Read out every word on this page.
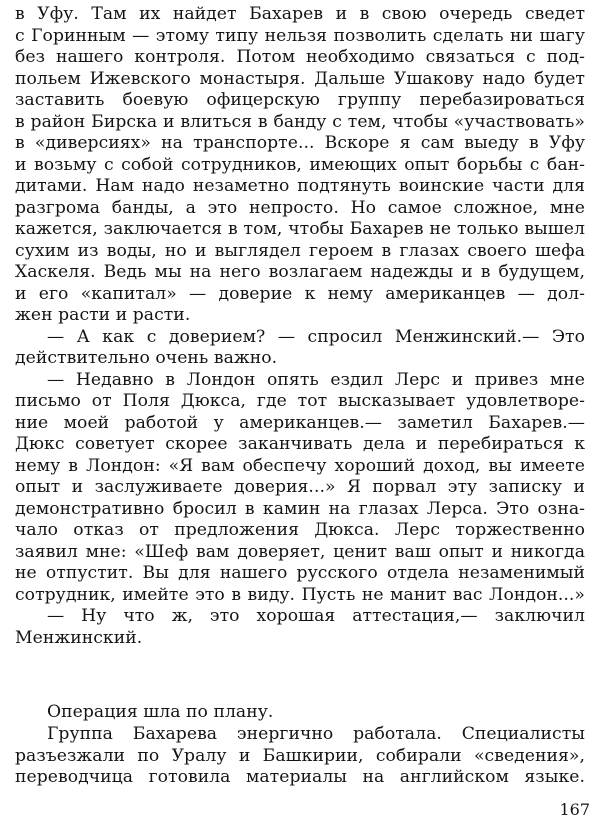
в Уфу. Там их найдет Бахарев и в свою очередь сведет
с Горинным — этому типу нельзя позволить сделать ни шагу
без нашего контроля. Потом необходимо связаться с под-
польем Ижевского монастыря. Дальше Ушакову надо будет
заставить боевую офицерскую группу перебазироваться
в район Бирска и влиться в банду с тем, чтобы «участвовать»
в «диверсиях» на транспорте... Вскоре я сам выеду в Уфу
и возьму с собой сотрудников, имеющих опыт борьбы с бан-
дитами. Нам надо незаметно подтянуть воинские части для
разгрома банды, а это непросто. Но самое сложное, мне
кажется, заключается в том, чтобы Бахарев не только вышел
сухим из воды, но и выглядел героем в глазах своего шефа
Хаскеля. Ведь мы на него возлагаем надежды и в будущем,
и его «капитал» — доверие к нему американцев — дол-
жен расти и расти.
— А как с доверием? — спросил Менжинский.— Это
действительно очень важно.
— Недавно в Лондон опять ездил Лерс и привез мне
письмо от Поля Дюкса, где тот высказывает удовлетворе-
ние моей работой у американцев.— заметил Бахарев.—
Дюкс советует скорее заканчивать дела и перебираться к
нему в Лондон: «Я вам обеспечу хороший доход, вы имеете
опыт и заслуживаете доверия...» Я порвал эту записку и
демонстративно бросил в камин на глазах Лерса. Это озна-
чало отказ от предложения Дюкса. Лерс торжественно
заявил мне: «Шеф вам доверяет, ценит ваш опыт и никогда
не отпустит. Вы для нашего русского отдела незаменимый
сотрудник, имейте это в виду. Пусть не манит вас Лондон...»
— Ну что ж, это хорошая аттестация,— заключил
Менжинский.
Операция шла по плану.
Группа Бахарева энергично работала. Специалисты
разъезжали по Уралу и Башкирии, собирали «сведения»,
переводчица готовила материалы на английском языке.
167
